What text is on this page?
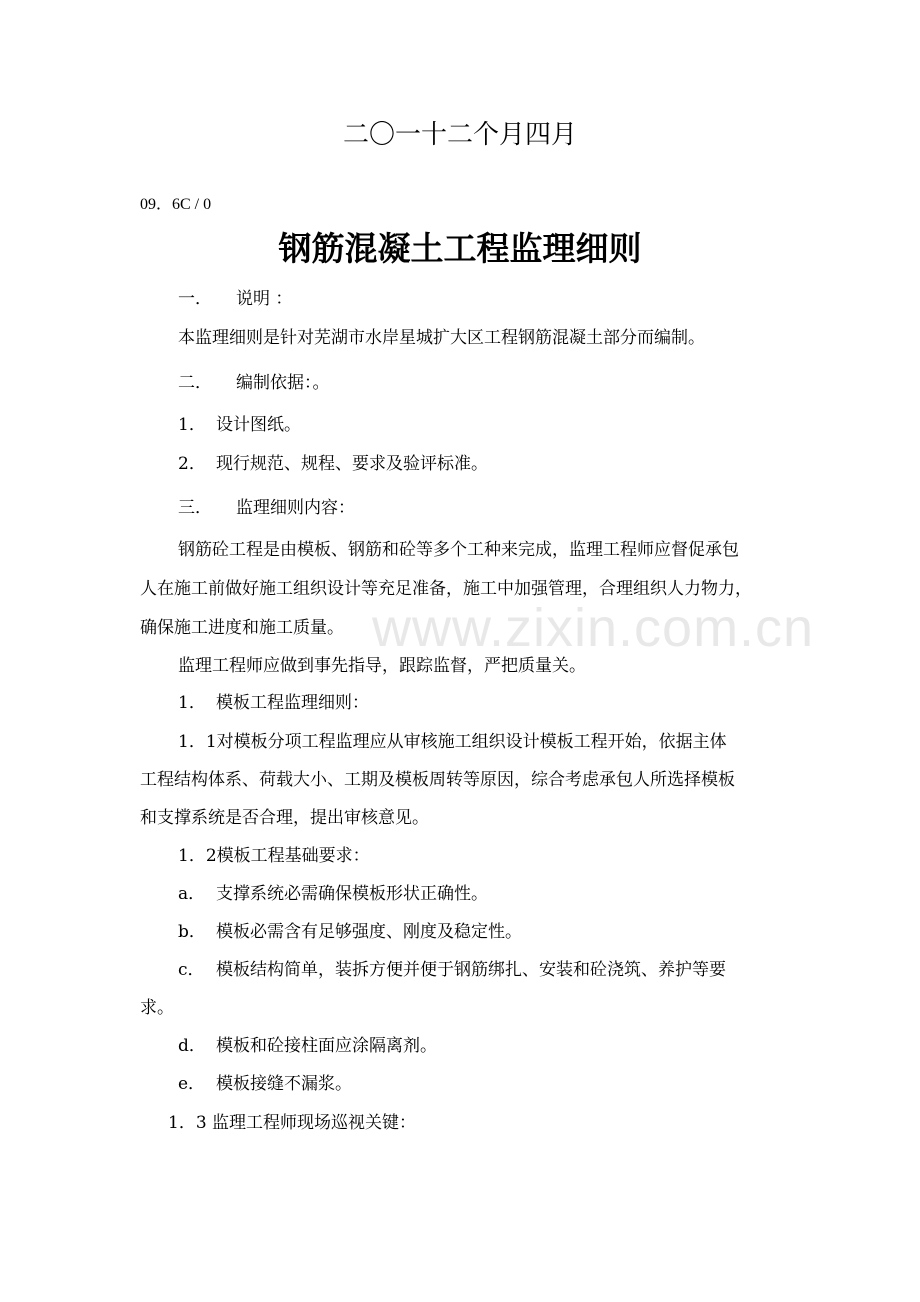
二〇一十二个月四月
09．6C / 0
钢筋混凝土工程监理细则
一． 说明 ：
本监理细则是针对芜湖市水岸星城扩大区工程钢筋混凝土部分而编制。
二． 编制依据：。
1． 设计图纸。
2． 现行规范、规程、要求及验评标准。
三． 监理细则内容：
钢筋砼工程是由模板、钢筋和砼等多个工种来完成，监理工程师应督促承包
人在施工前做好施工组织设计等充足准备，施工中加强管理，合理组织人力物力，
确保施工进度和施工质量。
监理工程师应做到事先指导，跟踪监督，严把质量关。
1． 模板工程监理细则：
1．1对模板分项工程监理应从审核施工组织设计模板工程开始，依据主体
工程结构体系、荷载大小、工期及模板周转等原因，综合考虑承包人所选择模板
和支撑系统是否合理，提出审核意见。
1．2模板工程基础要求：
a． 支撑系统必需确保模板形状正确性。
b． 模板必需含有足够强度、刚度及稳定性。
c． 模板结构简单，装拆方便并便于钢筋绑扎、安装和砼浇筑、养护等要
求。
d． 模板和砼接柱面应涂隔离剂。
e． 模板接缝不漏浆。
1．3 监理工程师现场巡视关键：
www.zixin.com.cn
